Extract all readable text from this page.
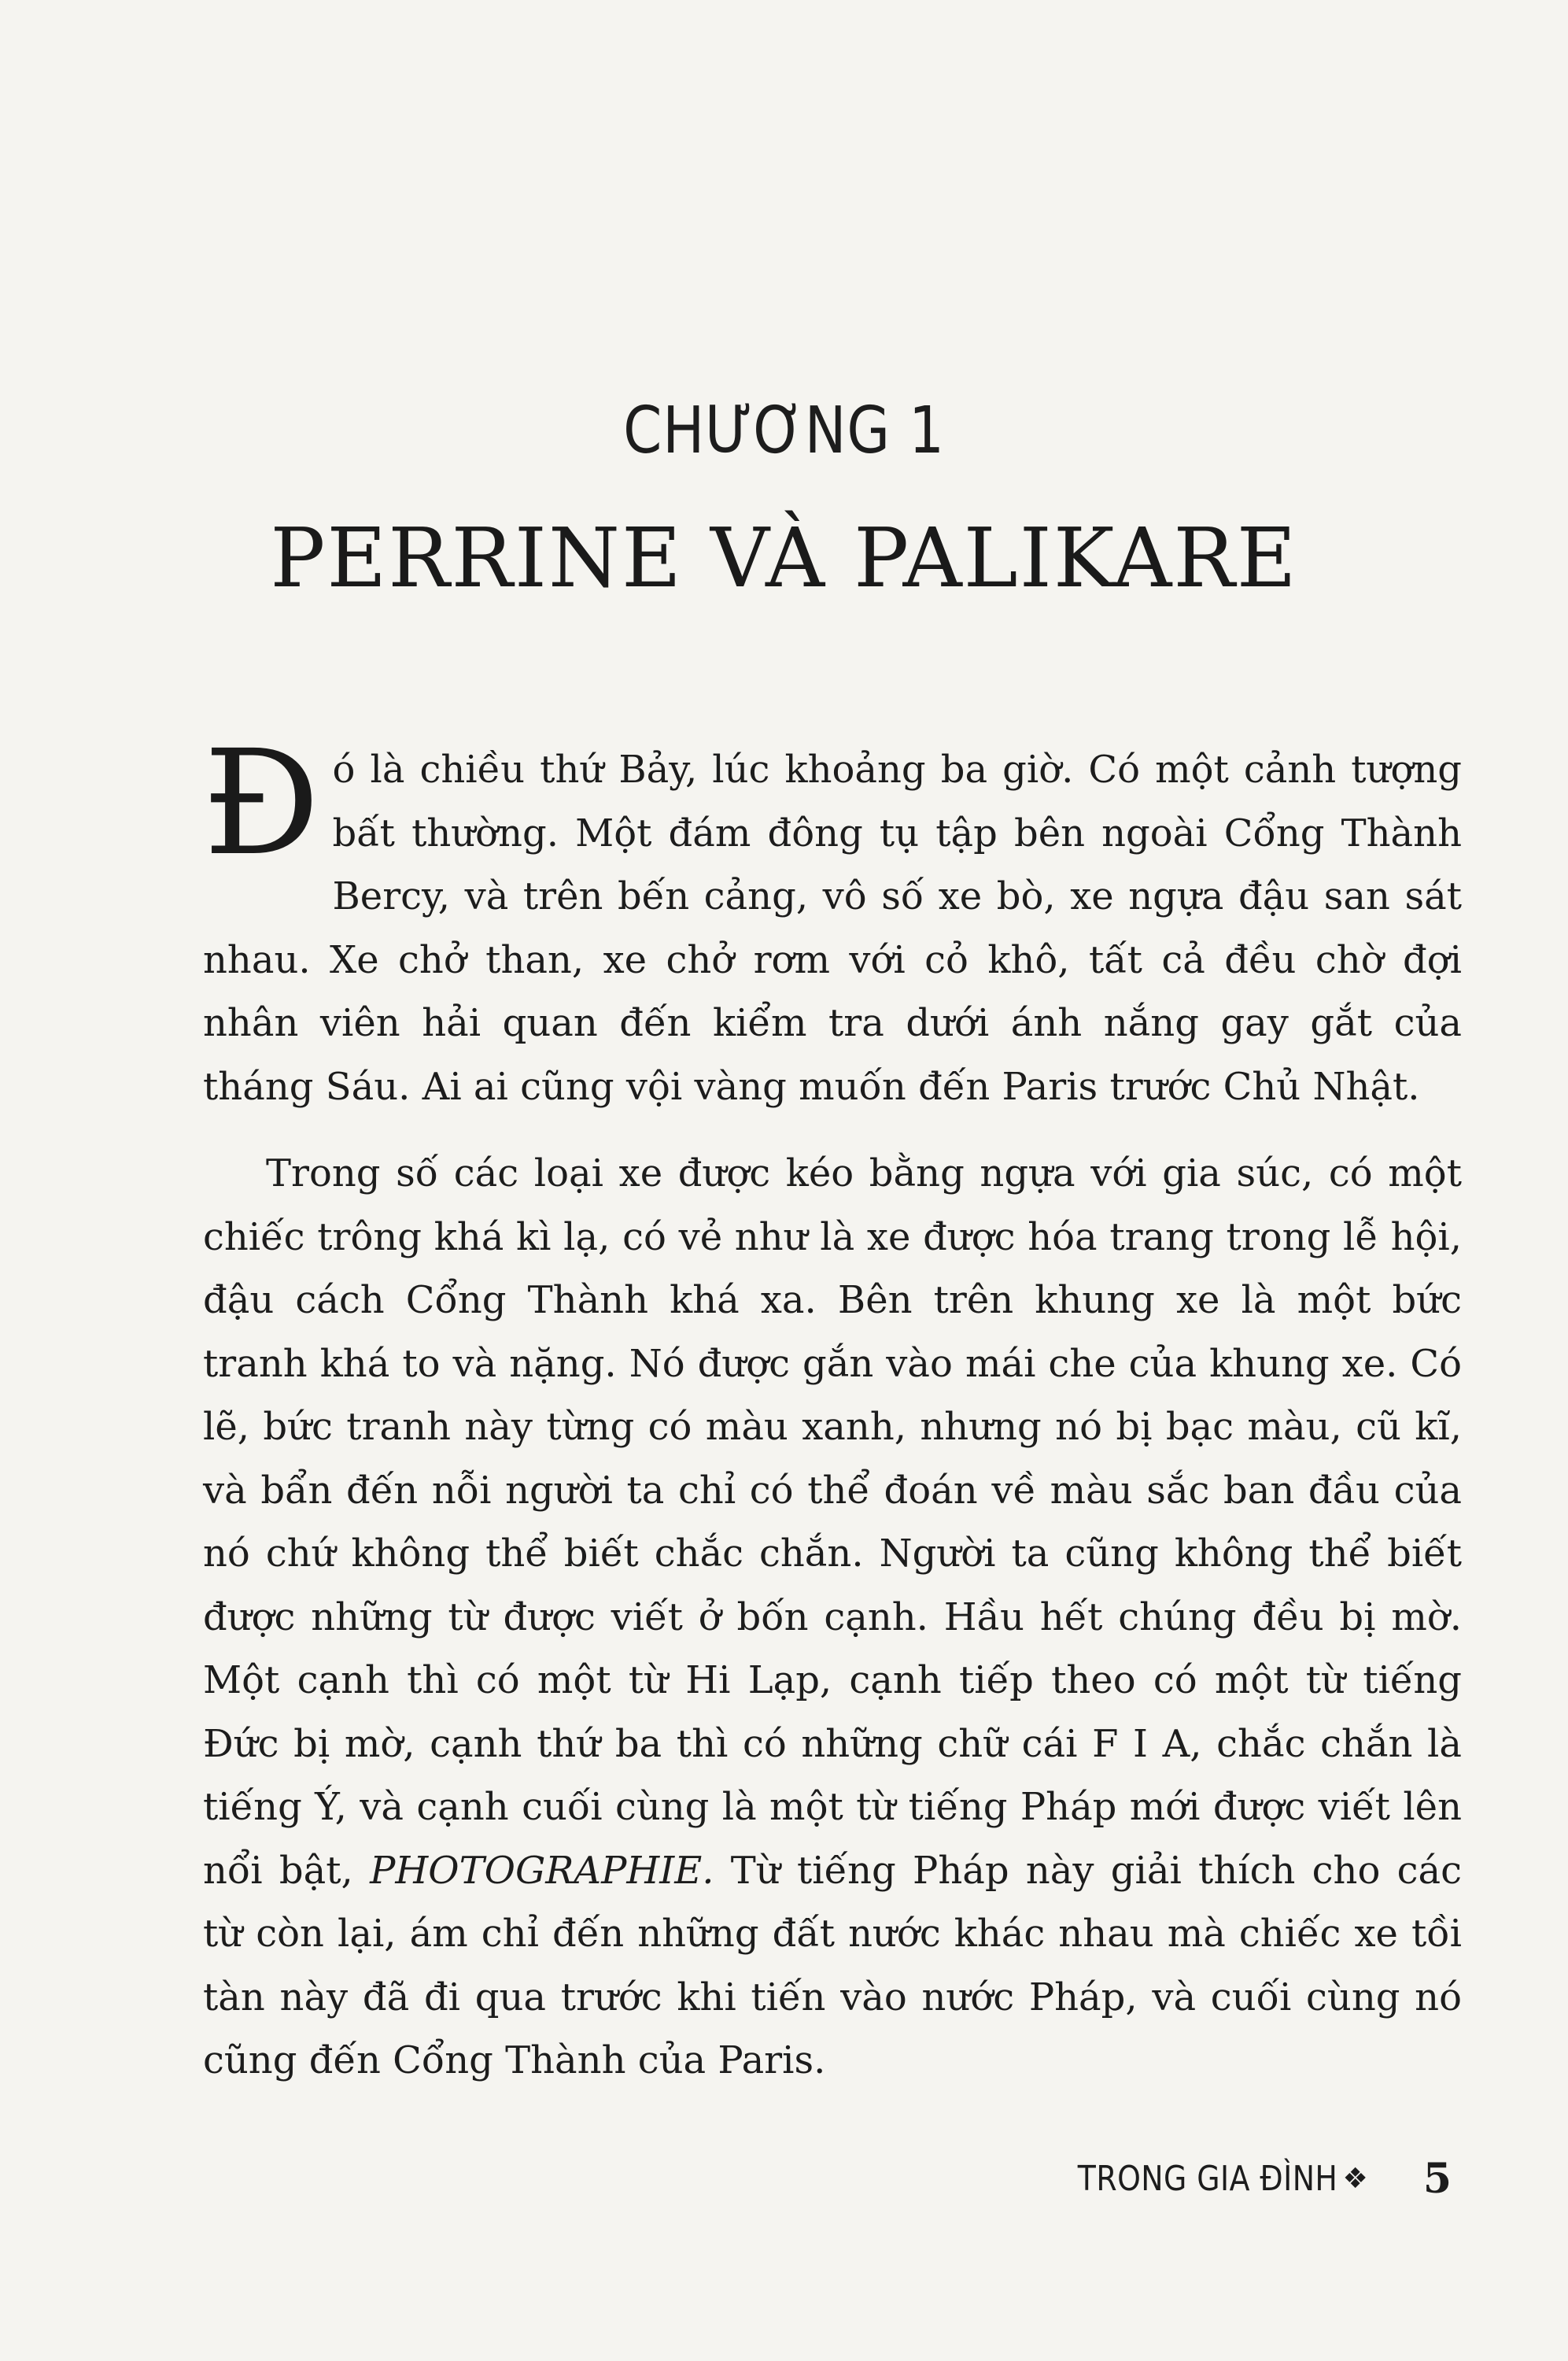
CHƯƠNG 1
PERRINE VÀ PALIKARE

Đó là chiều thứ Bảy, lúc khoảng ba giờ. Có một cảnh tượng bất thường. Một đám đông tụ tập bên ngoài Cổng Thành Bercy, và trên bến cảng, vô số xe bò, xe ngựa đậu san sát nhau. Xe chở than, xe chở rơm với cỏ khô, tất cả đều chờ đợi nhân viên hải quan đến kiểm tra dưới ánh nắng gay gắt của tháng Sáu. Ai ai cũng vội vàng muốn đến Paris trước Chủ Nhật.

Trong số các loại xe được kéo bằng ngựa với gia súc, có một chiếc trông khá kì lạ, có vẻ như là xe được hóa trang trong lễ hội, đậu cách Cổng Thành khá xa. Bên trên khung xe là một bức tranh khá to và nặng. Nó được gắn vào mái che của khung xe. Có lẽ, bức tranh này từng có màu xanh, nhưng nó bị bạc màu, cũ kĩ, và bẩn đến nỗi người ta chỉ có thể đoán về màu sắc ban đầu của nó chứ không thể biết chắc chắn. Người ta cũng không thể biết được những từ được viết ở bốn cạnh. Hầu hết chúng đều bị mờ. Một cạnh thì có một từ Hi Lạp, cạnh tiếp theo có một từ tiếng Đức bị mờ, cạnh thứ ba thì có những chữ cái F I A, chắc chắn là tiếng Ý, và cạnh cuối cùng là một từ tiếng Pháp mới được viết lên nổi bật, PHOTOGRAPHIE. Từ tiếng Pháp này giải thích cho các từ còn lại, ám chỉ đến những đất nước khác nhau mà chiếc xe tồi tàn này đã đi qua trước khi tiến vào nước Pháp, và cuối cùng nó cũng đến Cổng Thành của Paris.

TRONG GIA ĐÌNH ❖ 5
